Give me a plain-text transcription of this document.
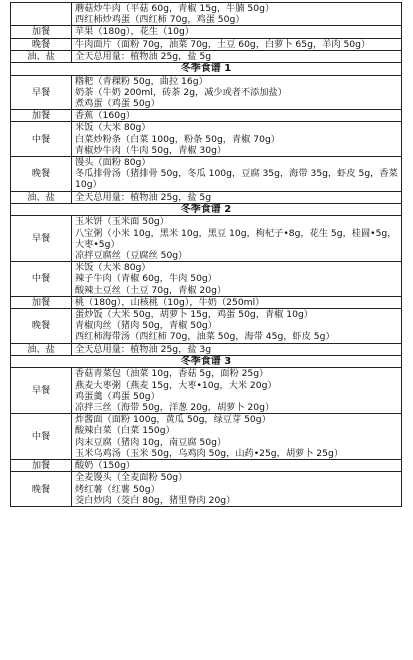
	蘑菇炒牛肉（平菇 60g，青椒 15g，牛腩 50g）
西红柿炒鸡蛋（西红柿 70g，鸡蛋 50g）

加餐	苹果（180g），花生（10g）

晚餐	牛肉面片（面粉 70g，油菜 70g，土豆 60g，白萝卜 65g，羊肉 50g）

油、盐	全天总用量：植物油 25g，盐 5g

冬季食谱 1	
早餐	糌粑（青稞粉 50g，曲拉 16g）
奶茶（牛奶 200ml，砖茶 2g，减少或者不添加盐）
煮鸡蛋（鸡蛋 50g）

加餐	香蕉（160g）

中餐	米饭（大米 80g）
白菜炒粉条（白菜 100g，粉条 50g，青椒 70g）
青椒炒牛肉（牛肉 50g，青椒 30g）

晚餐	馒头（面粉 80g）
冬瓜排骨汤（猪排骨 50g，冬瓜 100g，豆腐 35g，海带 35g，虾皮 5g，香菜 10g）

油、盐	全天总用量：植物油 25g，盐 5g

冬季食谱 2	
早餐	玉米饼（玉米面 50g）
八宝粥（小米 10g，黑米 10g，黑豆 10g，枸杞子•8g，花生 5g，桂圆•5g，大枣•5g）
凉拌豆腐丝（豆腐丝 50g）

中餐	米饭（大米 80g）
辣子牛肉（青椒 60g，牛肉 50g）
酸辣土豆丝（土豆 70g，青椒 20g）

加餐	桃（180g），山核桃（10g），牛奶（250ml）

晚餐	蛋炒饭（大米 50g，胡萝卜 15g，鸡蛋 50g，青椒 10g）
青椒肉丝（猪肉 50g，青椒 50g）
西红柿海带汤（西红柿 70g，油菜 50g，海带 45g，虾皮 5g）

油、盐	全天总用量：植物油 25g，盐 3g

冬季食谱 3	
早餐	香菇青菜包（油菜 10g，香菇 5g，面粉 25g）
燕麦大枣粥（燕麦 15g，大枣•10g，大米 20g）
鸡蛋羹（鸡蛋 50g）
凉拌三丝（海带 50g，洋葱 20g，胡萝卜 20g）

中餐	炸酱面（面粉 100g，黄瓜 50g，绿豆芽 50g）
酸辣白菜（白菜 150g）
肉末豆腐（猪肉 10g，南豆腐 50g）
玉米乌鸡汤（玉米 50g，乌鸡肉 50g，山药•25g，胡萝卜 25g）

加餐	酸奶（150g）

晚餐	全麦馒头（全麦面粉 50g）
烤红薯（红薯 50g）
茭白炒肉（茭白 80g，猪里脊肉 20g）
